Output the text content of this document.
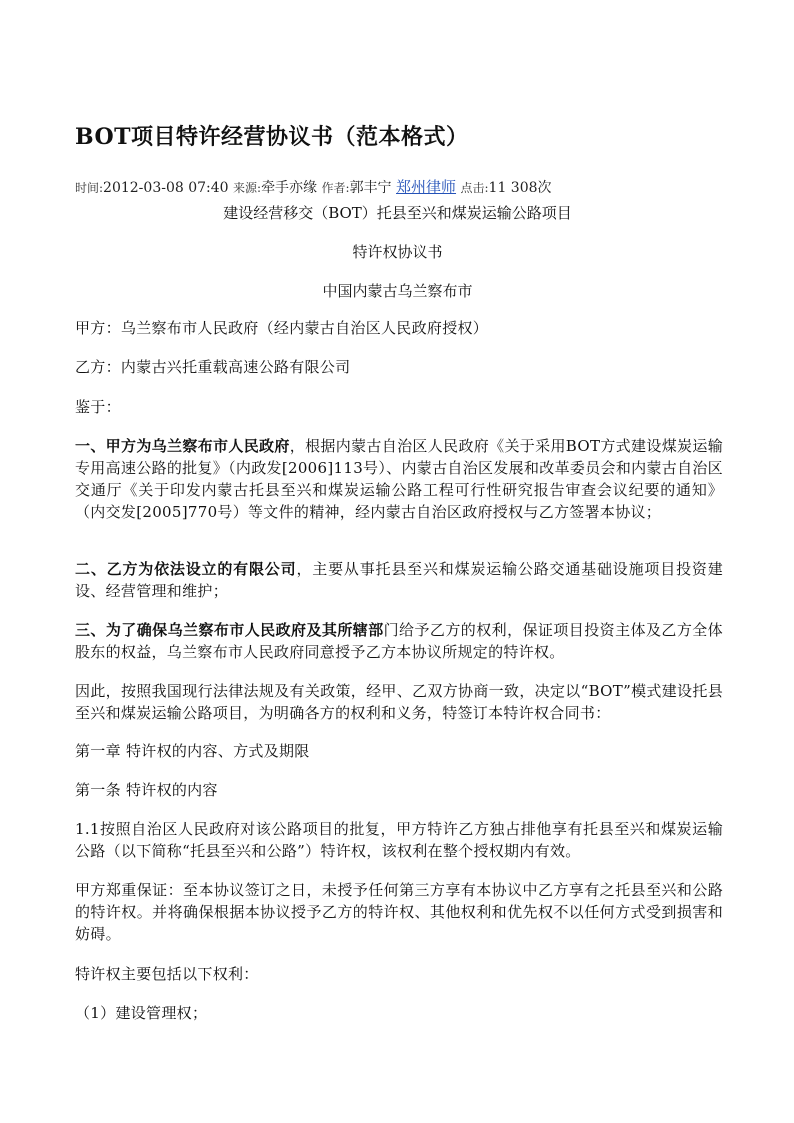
BOT项目特许经营协议书（范本格式）
时间:2012-03-08 07:40 来源:牵手亦缘 作者:郭丰宁 郑州律师 点击:11 308次
建设经营移交（BOT）托县至兴和煤炭运输公路项目
特许权协议书
中国内蒙古乌兰察布市

甲方：乌兰察布市人民政府（经内蒙古自治区人民政府授权）

乙方：内蒙古兴托重载高速公路有限公司

鉴于：

一、甲方为乌兰察布市人民政府，根据内蒙古自治区人民政府《关于采用BOT方式建设煤炭运输专用高速公路的批复》（内政发[2006]113号）、内蒙古自治区发展和改革委员会和内蒙古自治区交通厅《关于印发内蒙古托县至兴和煤炭运输公路工程可行性研究报告审查会议纪要的通知》（内交发[2005]770号）等文件的精神，经内蒙古自治区政府授权与乙方签署本协议；

二、乙方为依法设立的有限公司，主要从事托县至兴和煤炭运输公路交通基础设施项目投资建设、经营管理和维护；

三、为了确保乌兰察布市人民政府及其所辖部门给予乙方的权利，保证项目投资主体及乙方全体股东的权益，乌兰察布市人民政府同意授予乙方本协议所规定的特许权。

因此，按照我国现行法律法规及有关政策，经甲、乙双方协商一致，决定以“BOT”模式建设托县至兴和煤炭运输公路项目，为明确各方的权利和义务，特签订本特许权合同书：

第一章 特许权的内容、方式及期限

第一条 特许权的内容

1.1按照自治区人民政府对该公路项目的批复，甲方特许乙方独占排他享有托县至兴和煤炭运输公路（以下简称“托县至兴和公路”）特许权，该权利在整个授权期内有效。

甲方郑重保证：至本协议签订之日，未授予任何第三方享有本协议中乙方享有之托县至兴和公路的特许权。并将确保根据本协议授予乙方的特许权、其他权利和优先权不以任何方式受到损害和妨碍。

特许权主要包括以下权利：

（1）建设管理权；
